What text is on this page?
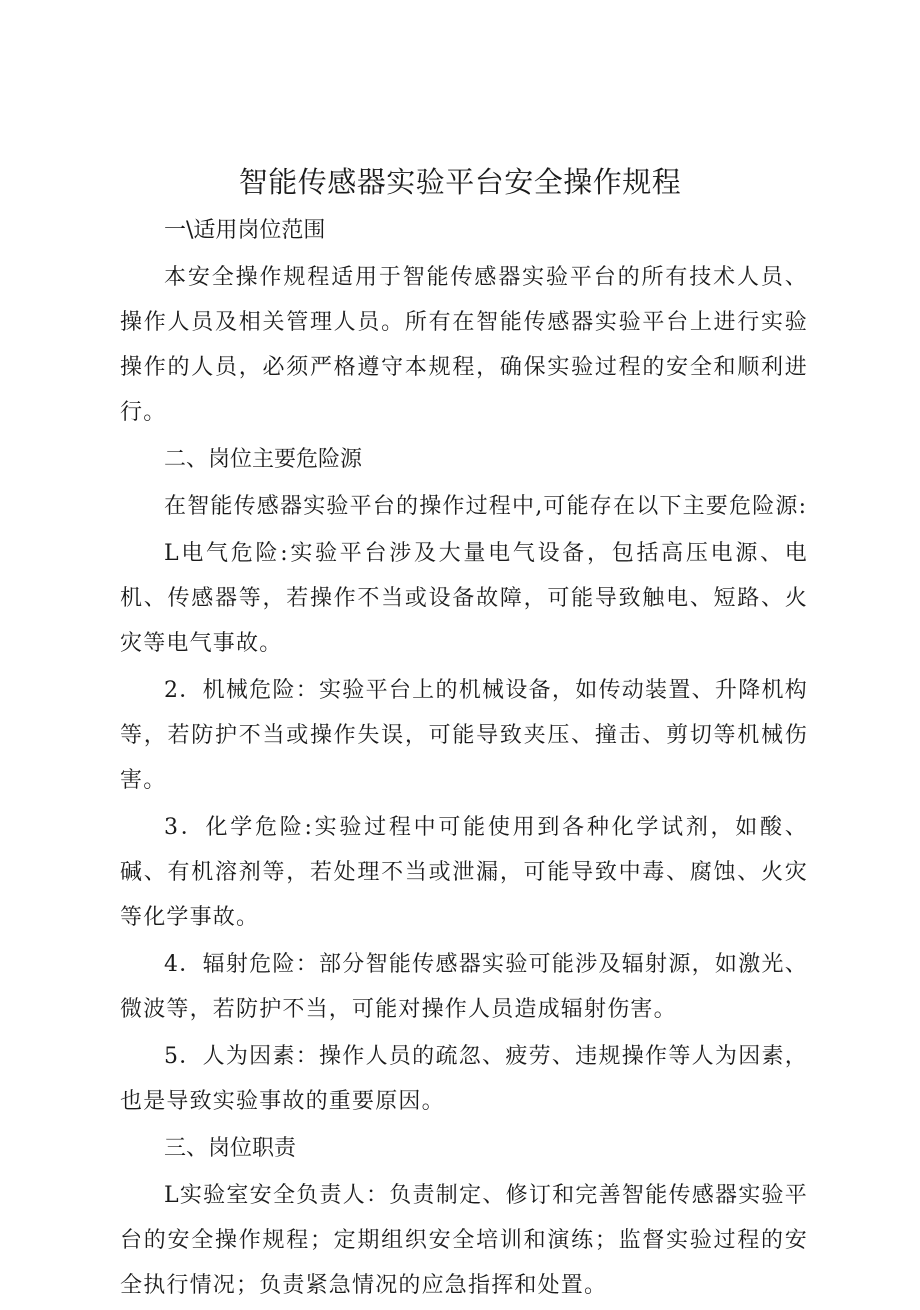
智能传感器实验平台安全操作规程
一\适用岗位范围

本安全操作规程适用于智能传感器实验平台的所有技术人员、操作人员及相关管理人员。所有在智能传感器实验平台上进行实验操作的人员，必须严格遵守本规程，确保实验过程的安全和顺利进行。

二、岗位主要危险源

在智能传感器实验平台的操作过程中,可能存在以下主要危险源:

L电气危险:实验平台涉及大量电气设备，包括高压电源、电机、传感器等，若操作不当或设备故障，可能导致触电、短路、火灾等电气事故。

2．机械危险：实验平台上的机械设备，如传动装置、升降机构等，若防护不当或操作失误，可能导致夹压、撞击、剪切等机械伤害。

3．化学危险:实验过程中可能使用到各种化学试剂，如酸、碱、有机溶剂等，若处理不当或泄漏，可能导致中毒、腐蚀、火灾等化学事故。

4．辐射危险：部分智能传感器实验可能涉及辐射源，如激光、微波等，若防护不当，可能对操作人员造成辐射伤害。

5．人为因素：操作人员的疏忽、疲劳、违规操作等人为因素，也是导致实验事故的重要原因。

三、岗位职责

L实验室安全负责人：负责制定、修订和完善智能传感器实验平台的安全操作规程；定期组织安全培训和演练；监督实验过程的安全执行情况；负责紧急情况的应急指挥和处置。
